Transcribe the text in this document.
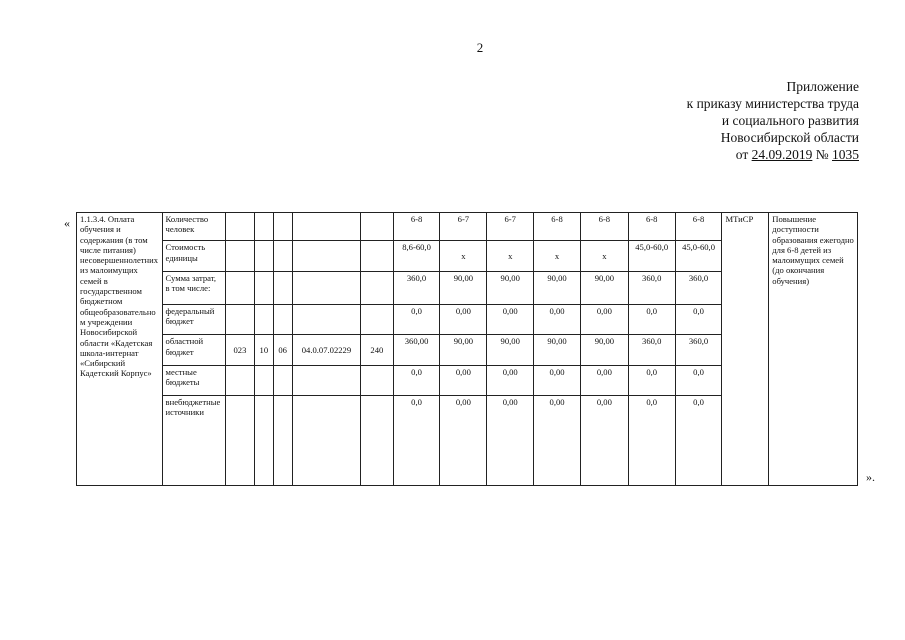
2
Приложение
к приказу министерства труда
и социального развития
Новосибирской области
от 24.09.2019 № 1035
«
».
1.1.3.4. Оплата обучения и содержания (в том числе питания) несовершеннолетних из малоимущих семей в государственном бюджетном общеобразовательном учреждении Новосибирской области «Кадетская школа-интернат «Сибирский Кадетский Корпус»	Количество человек						6-8	6-7	6-7	6-8	6-8	6-8	6-8	МТиСР	Повышение доступности образования ежегодно для 6-8 детей из малоимущих семей (до окончания обучения)
	Стоимость единицы						8,6-60,0	х	х	х	х	45,0-60,0	45,0-60,0		
	Сумма затрат, в том числе:						360,0	90,00	90,00	90,00	90,00	360,0	360,0		
	федеральный бюджет						0,0	0,00	0,00	0,00	0,00	0,0	0,0		
	областной бюджет	023	10	06	04.0.07.02229	240	360,00	90,00	90,00	90,00	90,00	360,0	360,0		
	местные бюджеты						0,0	0,00	0,00	0,00	0,00	0,0	0,0		
	внебюджетные источники						0,0	0,00	0,00	0,00	0,00	0,0	0,0		
